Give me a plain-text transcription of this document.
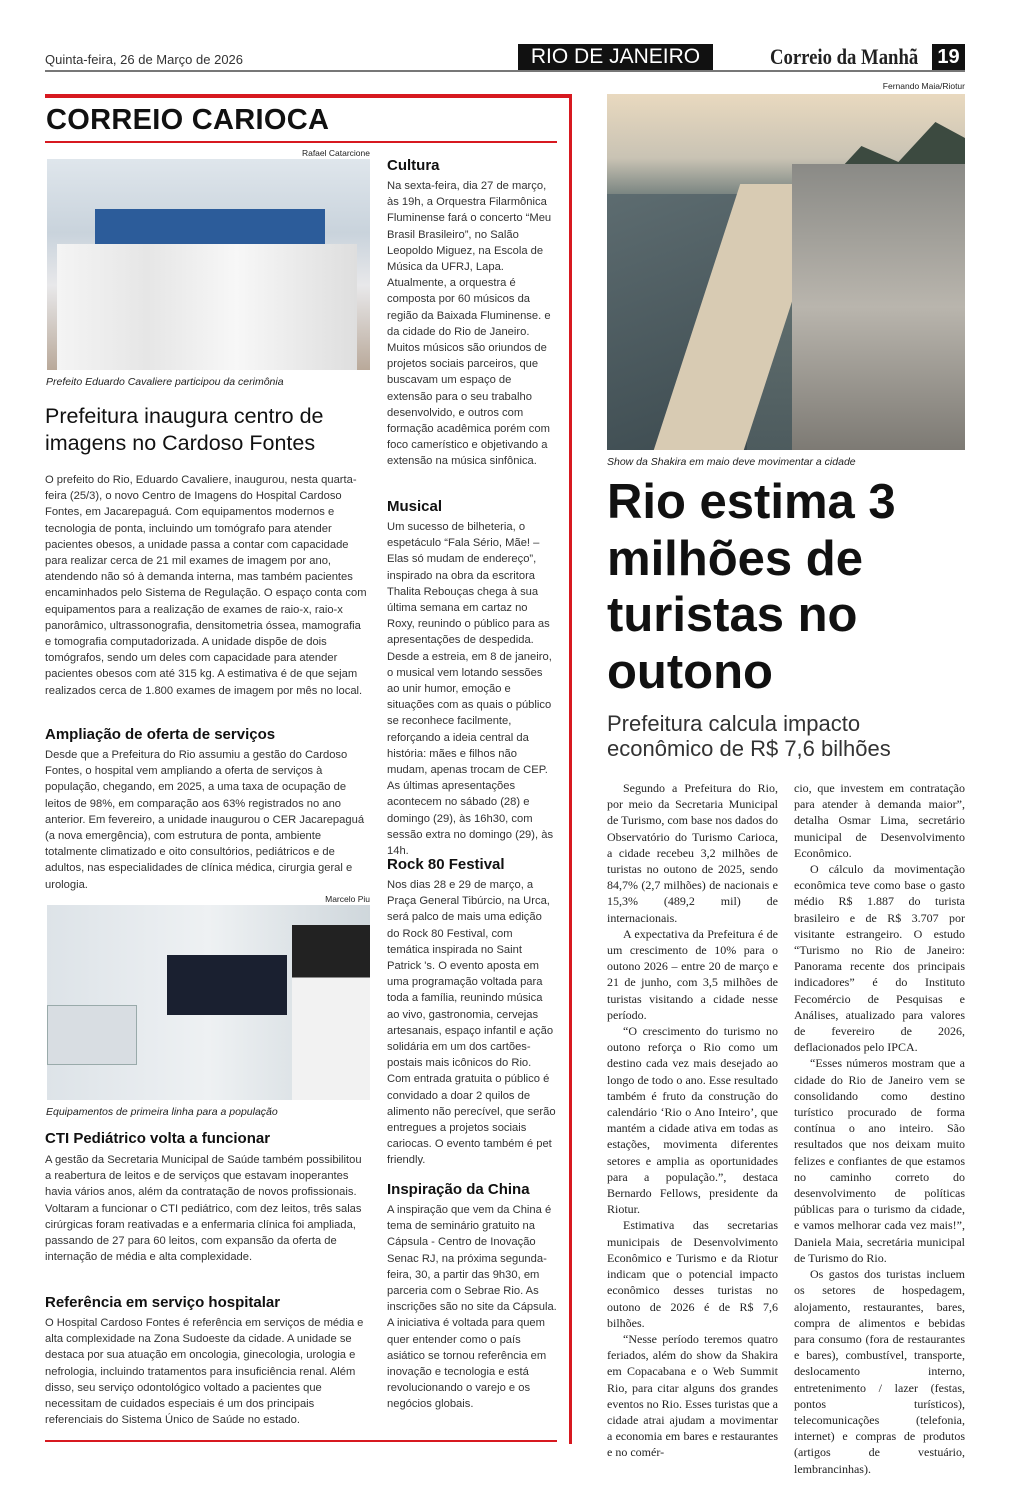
Quinta-feira, 26 de Março de 2026	RIO DE JANEIRO	Correio da Manhã 19
CORREIO CARIOCA
Rafael Catarcione
Prefeito Eduardo Cavaliere participou da cerimônia
Prefeitura inaugura centro de imagens no Cardoso Fontes
O prefeito do Rio, Eduardo Cavaliere, inaugurou, nesta quarta-feira (25/3), o novo Centro de Imagens do Hospital Cardoso Fontes, em Jacarepaguá. Com equipamentos modernos e tecnologia de ponta, incluindo um tomógrafo para atender pacientes obesos, a unidade passa a contar com capacidade para realizar cerca de 21 mil exames de imagem por ano, atendendo não só à demanda interna, mas também pacientes encaminhados pelo Sistema de Regulação. O espaço conta com equipamentos para a realização de exames de raio-x, raio-x panorâmico, ultrassonografia, densitometria óssea, mamografia e tomografia computadorizada. A unidade dispõe de dois tomógrafos, sendo um deles com capacidade para atender pacientes obesos com até 315 kg. A estimativa é de que sejam realizados cerca de 1.800 exames de imagem por mês no local.
Ampliação de oferta de serviços
Desde que a Prefeitura do Rio assumiu a gestão do Cardoso Fontes, o hospital vem ampliando a oferta de serviços à população, chegando, em 2025, a uma taxa de ocupação de leitos de 98%, em comparação aos 63% registrados no ano anterior. Em fevereiro, a unidade inaugurou o CER Jacarepaguá (a nova emergência), com estrutura de ponta, ambiente totalmente climatizado e oito consultórios, pediátricos e de adultos, nas especialidades de clínica médica, cirurgia geral e urologia.
Marcelo Piu
Equipamentos de primeira linha para a população
CTI Pediátrico volta a funcionar
A gestão da Secretaria Municipal de Saúde também possibilitou a reabertura de leitos e de serviços que estavam inoperantes havia vários anos, além da contratação de novos profissionais. Voltaram a funcionar o CTI pediátrico, com dez leitos, três salas cirúrgicas foram reativadas e a enfermaria clínica foi ampliada, passando de 27 para 60 leitos, com expansão da oferta de internação de média e alta complexidade.
Referência em serviço hospitalar
O Hospital Cardoso Fontes é referência em serviços de média e alta complexidade na Zona Sudoeste da cidade. A unidade se destaca por sua atuação em oncologia, ginecologia, urologia e nefrologia, incluindo tratamentos para insuficiência renal. Além disso, seu serviço odontológico voltado a pacientes que necessitam de cuidados especiais é um dos principais referenciais do Sistema Único de Saúde no estado.
Cultura
Na sexta-feira, dia 27 de março, às 19h, a Orquestra Filarmônica Fluminense fará o concerto “Meu Brasil Brasileiro”, no Salão Leopoldo Miguez, na Escola de Música da UFRJ, Lapa. Atualmente, a orquestra é composta por 60 músicos da região da Baixada Fluminense. e da cidade do Rio de Janeiro. Muitos músicos são oriundos de projetos sociais parceiros, que buscavam um espaço de extensão para o seu trabalho desenvolvido, e outros com formação acadêmica porém com foco camerístico e objetivando a extensão na música sinfônica.
Musical
Um sucesso de bilheteria, o espetáculo “Fala Sério, Mãe! – Elas só mudam de endereço”, inspirado na obra da escritora Thalita Rebouças chega à sua última semana em cartaz no Roxy, reunindo o público para as apresentações de despedida. Desde a estreia, em 8 de janeiro, o musical vem lotando sessões ao unir humor, emoção e situações com as quais o público se reconhece facilmente, reforçando a ideia central da história: mães e filhos não mudam, apenas trocam de CEP. As últimas apresentações acontecem no sábado (28) e domingo (29), às 16h30, com sessão extra no domingo (29), às 14h.
Rock 80 Festival
Nos dias 28 e 29 de março, a Praça General Tibúrcio, na Urca, será palco de mais uma edição do Rock 80 Festival, com temática inspirada no Saint Patrick 's. O evento aposta em uma programação voltada para toda a família, reunindo música ao vivo, gastronomia, cervejas artesanais, espaço infantil e ação solidária em um dos cartões-postais mais icônicos do Rio. Com entrada gratuita o público é convidado a doar 2 quilos de alimento não perecível, que serão entregues a projetos sociais cariocas. O evento também é pet friendly.
Inspiração da China
A inspiração que vem da China é tema de seminário gratuito na Cápsula - Centro de Inovação Senac RJ, na próxima segunda-feira, 30, a partir das 9h30, em parceria com o Sebrae Rio. As inscrições são no site da Cápsula. A iniciativa é voltada para quem quer entender como o país asiático se tornou referência em inovação e tecnologia e está revolucionando o varejo e os negócios globais.
Fernando Maia/Riotur
Show da Shakira em maio deve movimentar a cidade
Rio estima 3 milhões de turistas no outono
Prefeitura calcula impacto econômico de R$ 7,6 bilhões

Segundo a Prefeitura do Rio, por meio da Secretaria Municipal de Turismo, com base nos dados do Observatório do Turismo Carioca, a cidade recebeu 3,2 milhões de turistas no outono de 2025, sendo 84,7% (2,7 milhões) de nacionais e 15,3% (489,2 mil) de internacionais.

A expectativa da Prefeitura é de um crescimento de 10% para o outono 2026 – entre 20 de março e 21 de junho, com 3,5 milhões de turistas visitando a cidade nesse período.

“O crescimento do turismo no outono reforça o Rio como um destino cada vez mais desejado ao longo de todo o ano. Esse resultado também é fruto da construção do calendário ‘Rio o Ano Inteiro’, que mantém a cidade ativa em todas as estações, movimenta diferentes setores e amplia as oportunidades para a população.”, destaca Bernardo Fellows, presidente da Riotur.

Estimativa das secretarias municipais de Desenvolvimento Econômico e Turismo e da Riotur indicam que o potencial impacto econômico desses turistas no outono de 2026 é de R$ 7,6 bilhões.

“Nesse período teremos quatro feriados, além do show da Shakira em Copacabana e o Web Summit Rio, para citar alguns dos grandes eventos no Rio. Esses turistas que a cidade atrai ajudam a movimentar a economia em bares e restaurantes e no comér-

cio, que investem em contratação para atender à demanda maior”, detalha Osmar Lima, secretário municipal de Desenvolvimento Econômico.

O cálculo da movimentação econômica teve como base o gasto médio R$ 1.887 do turista brasileiro e de R$ 3.707 por visitante estrangeiro. O estudo “Turismo no Rio de Janeiro: Panorama recente dos principais indicadores” é do Instituto Fecomércio de Pesquisas e Análises, atualizado para valores de fevereiro de 2026, deflacionados pelo IPCA.

“Esses números mostram que a cidade do Rio de Janeiro vem se consolidando como destino turístico procurado de forma contínua o ano inteiro. São resultados que nos deixam muito felizes e confiantes de que estamos no caminho correto do desenvolvimento de políticas públicas para o turismo da cidade, e vamos melhorar cada vez mais!”, Daniela Maia, secretária municipal de Turismo do Rio.

Os gastos dos turistas incluem os setores de hospedagem, alojamento, restaurantes, bares, compra de alimentos e bebidas para consumo (fora de restaurantes e bares), combustível, transporte, deslocamento interno, entretenimento / lazer (festas, pontos turísticos), telecomunicações (telefonia, internet) e compras de produtos (artigos de vestuário, lembrancinhas).
